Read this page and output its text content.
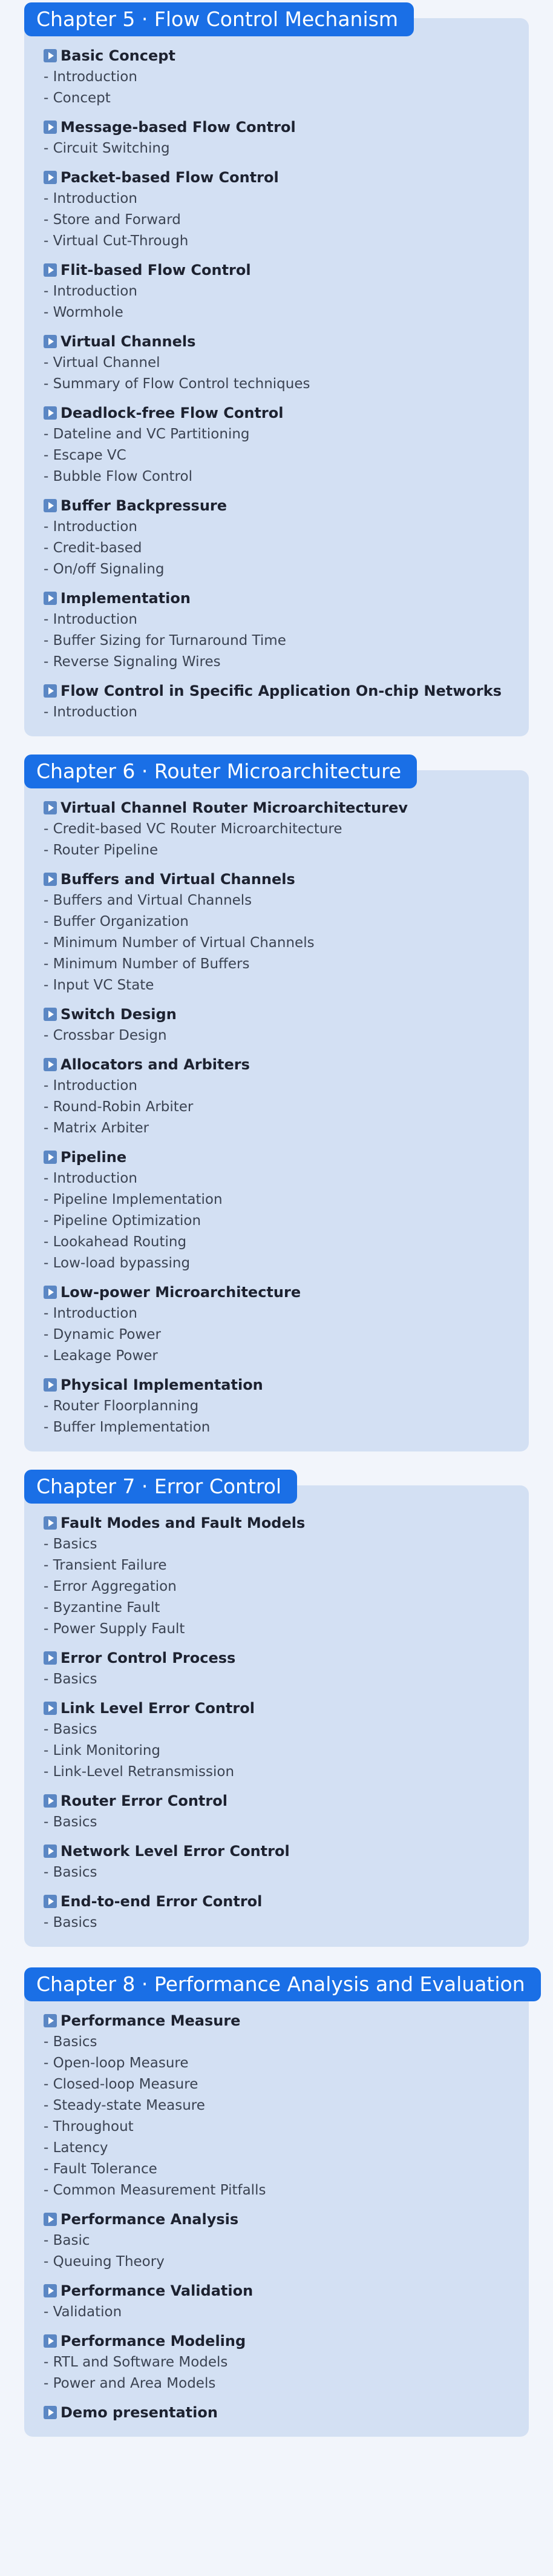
Chapter 5 · Flow Control Mechanism
Basic Concept
- Introduction
- Concept
Message-based Flow Control
- Circuit Switching
Packet-based Flow Control
- Introduction
- Store and Forward
- Virtual Cut-Through
Flit-based Flow Control
- Introduction
- Wormhole
Virtual Channels
- Virtual Channel
- Summary of Flow Control techniques
Deadlock-free Flow Control
- Dateline and VC Partitioning
- Escape VC
- Bubble Flow Control
Buffer Backpressure
- Introduction
- Credit-based
- On/off Signaling
Implementation
- Introduction
- Buffer Sizing for Turnaround Time
- Reverse Signaling Wires
Flow Control in Specific Application On-chip Networks
- Introduction
Chapter 6 · Router Microarchitecture
Virtual Channel Router Microarchitecturev
- Credit-based VC Router Microarchitecture
- Router Pipeline
Buffers and Virtual Channels
- Buffers and Virtual Channels
- Buffer Organization
- Minimum Number of Virtual Channels
- Minimum Number of Buffers
- Input VC State
Switch Design
- Crossbar Design
Allocators and Arbiters
- Introduction
- Round-Robin Arbiter
- Matrix Arbiter
Pipeline
- Introduction
- Pipeline Implementation
- Pipeline Optimization
- Lookahead Routing
- Low-load bypassing
Low-power Microarchitecture
- Introduction
- Dynamic Power
- Leakage Power
Physical Implementation
- Router Floorplanning
- Buffer Implementation
Chapter 7 · Error Control
Fault Modes and Fault Models
- Basics
- Transient Failure
- Error Aggregation
- Byzantine Fault
- Power Supply Fault
Error Control Process
- Basics
Link Level Error Control
- Basics
- Link Monitoring
- Link-Level Retransmission
Router Error Control
- Basics
Network Level Error Control
- Basics
End-to-end Error Control
- Basics
Chapter 8 · Performance Analysis and Evaluation
Performance Measure
- Basics
- Open-loop Measure
- Closed-loop Measure
- Steady-state Measure
- Throughout
- Latency
- Fault Tolerance
- Common Measurement Pitfalls
Performance Analysis
- Basic
- Queuing Theory
Performance Validation
- Validation
Performance Modeling
- RTL and Software Models
- Power and Area Models
Demo presentation
